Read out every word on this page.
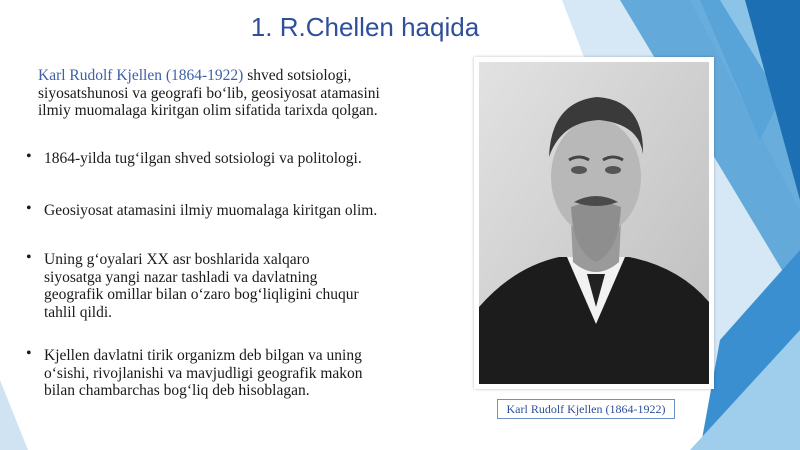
1. R.Chellen haqida
Karl Rudolf Kjellen (1864-1922) shved sotsiologi, siyosatshunosi va geografi bo‘lib, geosiyosat atamasini ilmiy muomalaga kiritgan olim sifatida tarixda qolgan.
• 1864-yilda tug‘ilgan shved sotsiologi va politologi.
• Geosiyosat atamasini ilmiy muomalaga kiritgan olim.
• Uning g‘oyalari XX asr boshlarida xalqaro siyosatga yangi nazar tashladi va davlatning geografik omillar bilan o‘zaro bog‘liqligini chuqur tahlil qildi.
• Kjellen davlatni tirik organizm deb bilgan va uning o‘sishi, rivojlanishi va mavjudligi geografik makon bilan chambarchas bog‘liq deb hisoblagan.
Karl Rudolf Kjellen (1864-1922)
